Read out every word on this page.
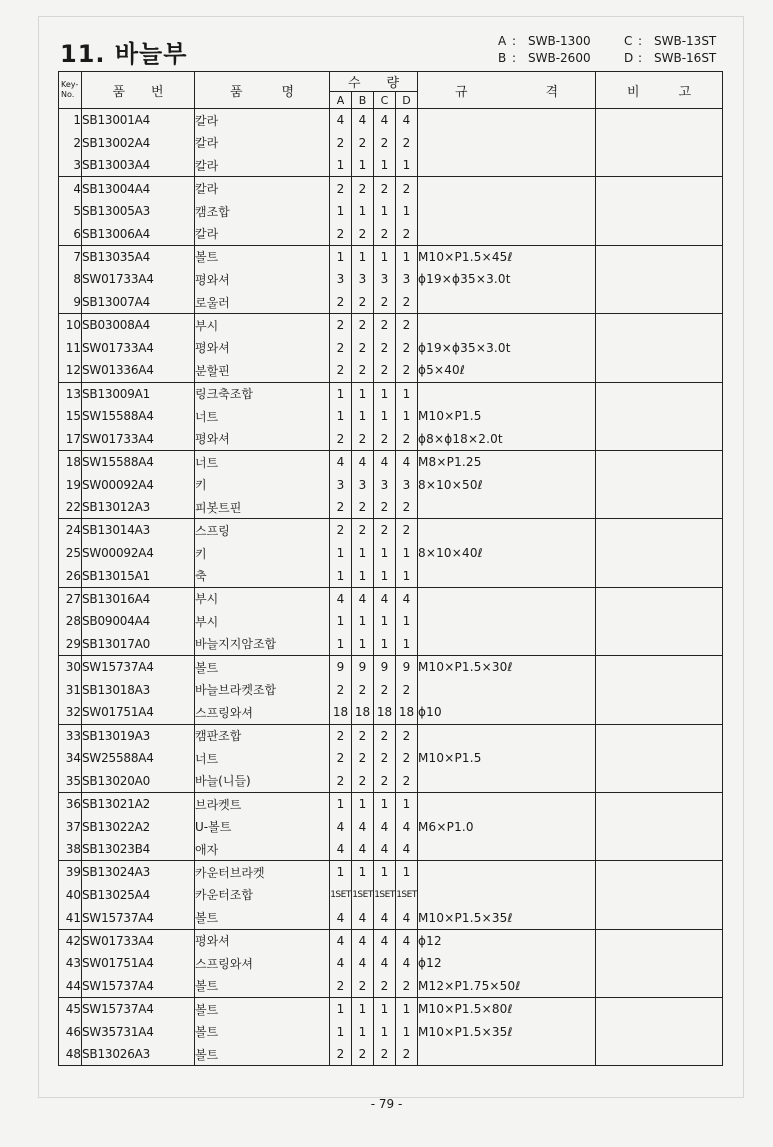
11. 바늘부	A : SWB-1300	C : SWB-13ST
B : SWB-2600	D : SWB-16ST
Key-
No.	품　　번	품　　　명	수　　량				규　　　　　　격	비　　　고
			A	B	C	D		
1	SB13001A4	칼라	4	4	4	4		
2	SB13002A4	칼라	2	2	2	2		
3	SB13003A4	칼라	1	1	1	1		
4	SB13004A4	칼라	2	2	2	2		
5	SB13005A3	캠조합	1	1	1	1		
6	SB13006A4	칼라	2	2	2	2		
7	SB13035A4	볼트	1	1	1	1	M10×P1.5×45ℓ	
8	SW01733A4	평와셔	3	3	3	3	ϕ19×ϕ35×3.0t	
9	SB13007A4	로울러	2	2	2	2		
10	SB03008A4	부시	2	2	2	2		
11	SW01733A4	평와셔	2	2	2	2	ϕ19×ϕ35×3.0t	
12	SW01336A4	분할핀	2	2	2	2	ϕ5×40ℓ	
13	SB13009A1	링크축조합	1	1	1	1		
15	SW15588A4	너트	1	1	1	1	M10×P1.5	
17	SW01733A4	평와셔	2	2	2	2	ϕ8×ϕ18×2.0t	
18	SW15588A4	너트	4	4	4	4	M8×P1.25	
19	SW00092A4	키	3	3	3	3	8×10×50ℓ	
22	SB13012A3	피봇트핀	2	2	2	2		
24	SB13014A3	스프링	2	2	2	2		
25	SW00092A4	키	1	1	1	1	8×10×40ℓ	
26	SB13015A1	축	1	1	1	1		
27	SB13016A4	부시	4	4	4	4		
28	SB09004A4	부시	1	1	1	1		
29	SB13017A0	바늘지지암조합	1	1	1	1		
30	SW15737A4	볼트	9	9	9	9	M10×P1.5×30ℓ	
31	SB13018A3	바늘브라켓조합	2	2	2	2		
32	SW01751A4	스프링와셔	18	18	18	18	ϕ10	
33	SB13019A3	캠판조합	2	2	2	2		
34	SW25588A4	너트	2	2	2	2	M10×P1.5	
35	SB13020A0	바늘(니들)	2	2	2	2		
36	SB13021A2	브라켓트	1	1	1	1		
37	SB13022A2	U-볼트	4	4	4	4	M6×P1.0	
38	SB13023B4	애자	4	4	4	4		
39	SB13024A3	카운터브라켓	1	1	1	1		
40	SB13025A4	카운터조합	1SET	1SET	1SET	1SET		
41	SW15737A4	볼트	4	4	4	4	M10×P1.5×35ℓ	
42	SW01733A4	평와셔	4	4	4	4	ϕ12	
43	SW01751A4	스프링와셔	4	4	4	4	ϕ12	
44	SW15737A4	볼트	2	2	2	2	M12×P1.75×50ℓ	
45	SW15737A4	볼트	1	1	1	1	M10×P1.5×80ℓ	
46	SW35731A4	볼트	1	1	1	1	M10×P1.5×35ℓ	
48	SB13026A3	볼트	2	2	2	2		
- 79 -
